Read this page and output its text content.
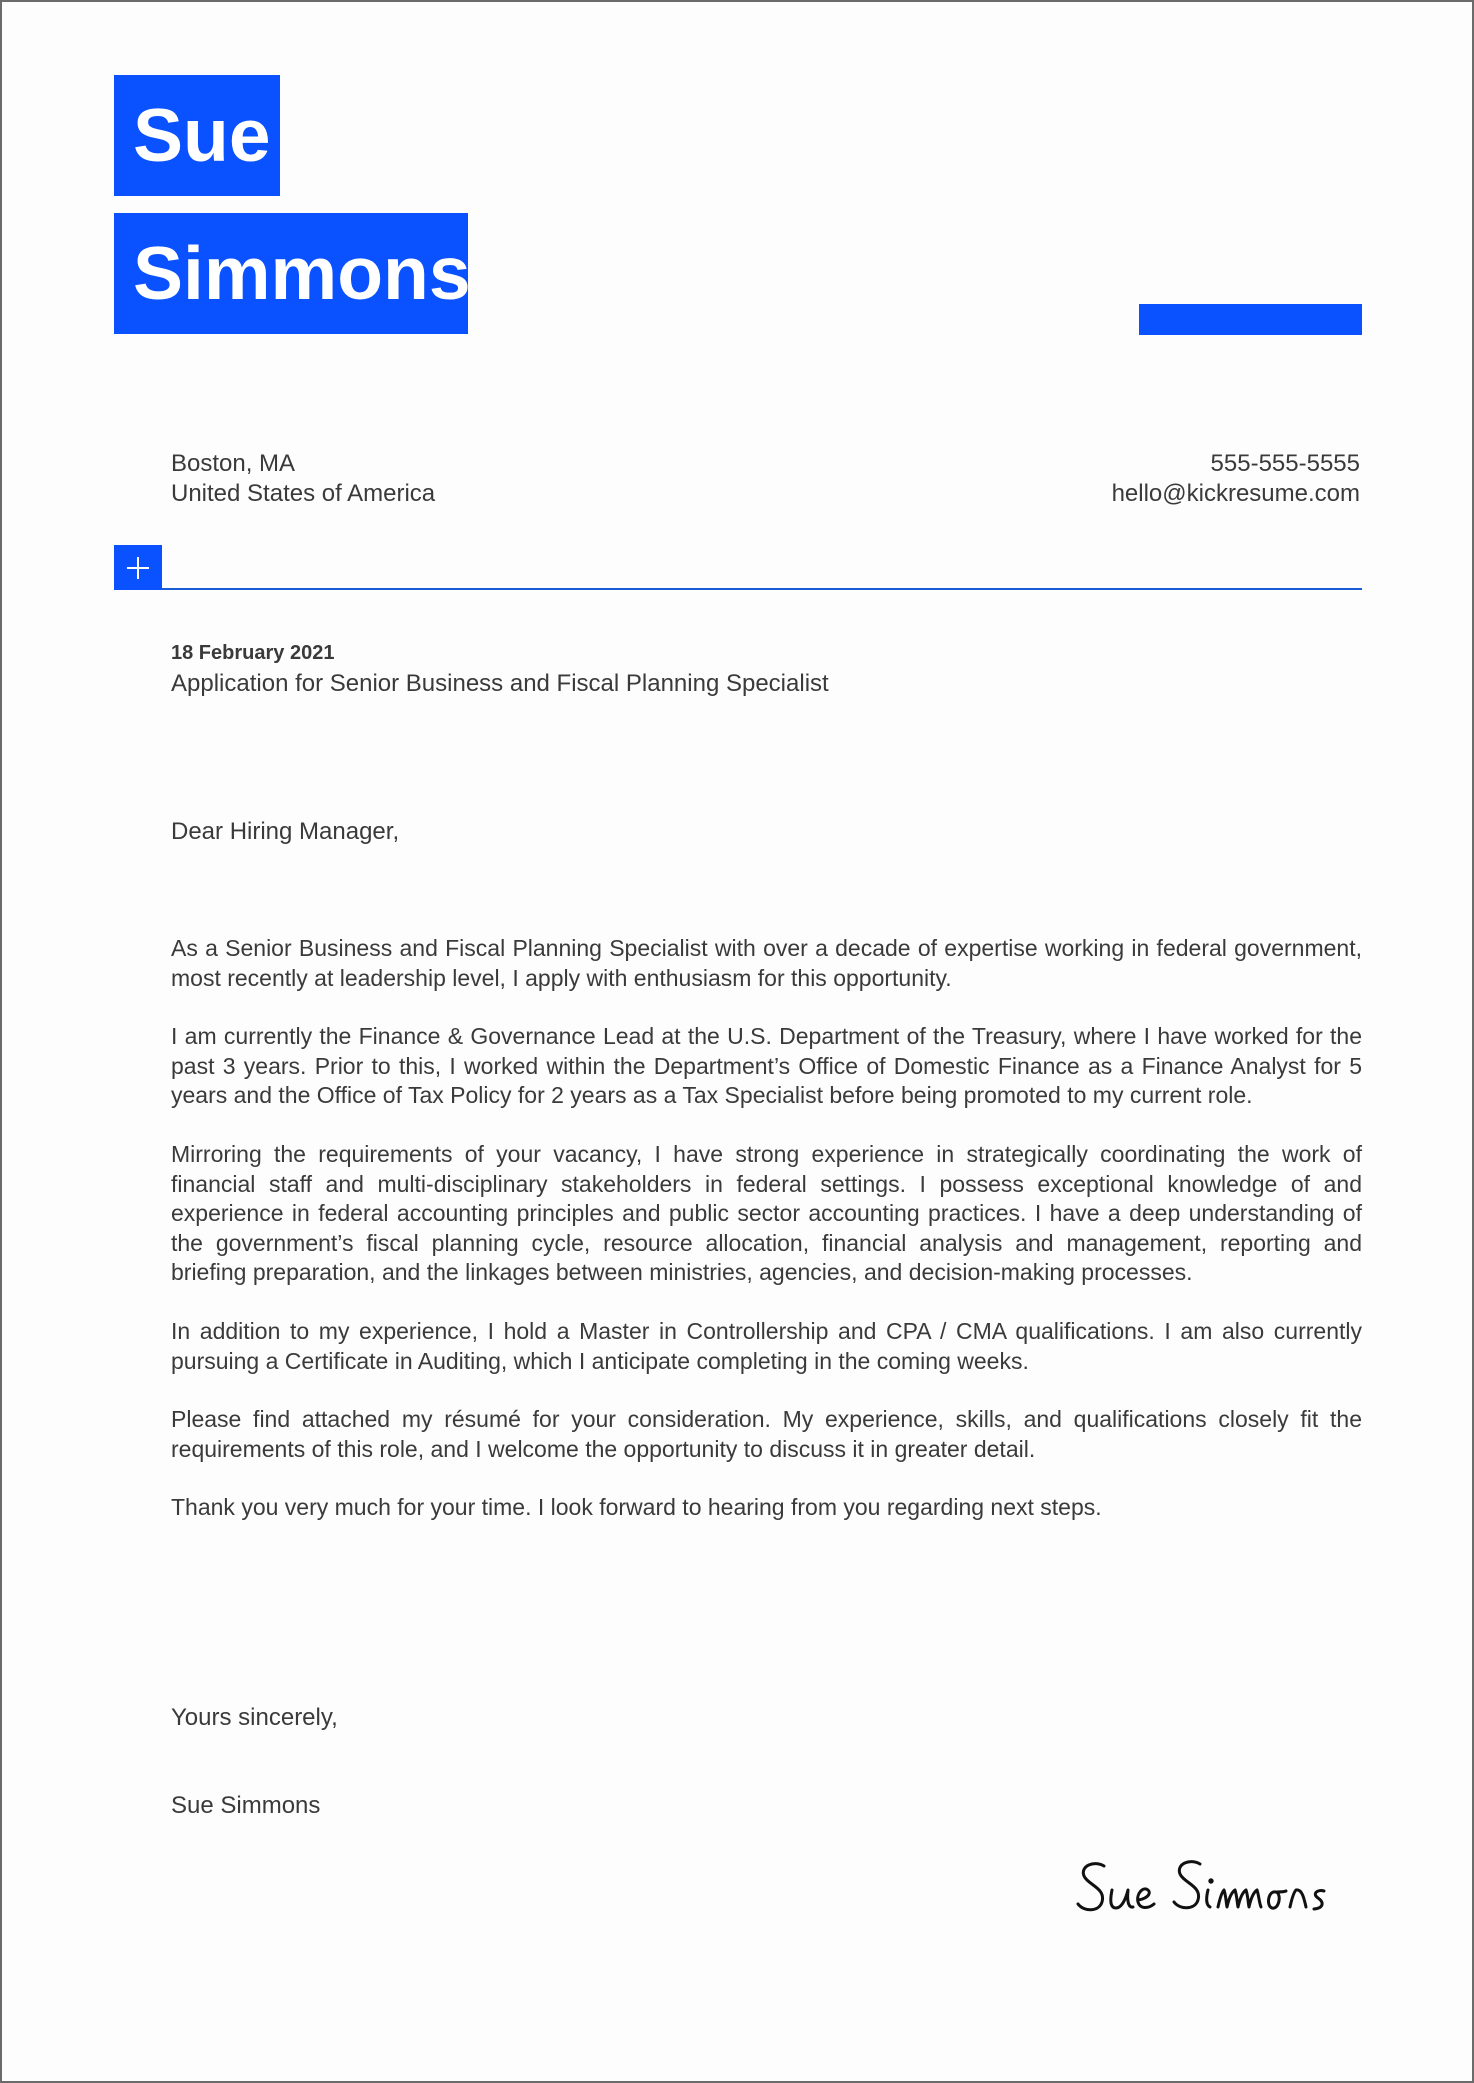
Sue
Simmons
Boston, MA
United States of America
555-555-5555
hello@kickresume.com
18 February 2021
Application for Senior Business and Fiscal Planning Specialist
Dear Hiring Manager,

As a Senior Business and Fiscal Planning Specialist with over a decade of expertise working in federal government, most recently at leadership level, I apply with enthusiasm for this opportunity.

I am currently the Finance & Governance Lead at the U.S. Department of the Treasury, where I have worked for the past 3 years. Prior to this, I worked within the Department’s Office of Domestic Finance as a Finance Analyst for 5 years and the Office of Tax Policy for 2 years as a Tax Specialist before being promoted to my current role.

Mirroring the requirements of your vacancy, I have strong experience in strategically coordinating the work of financial staff and multi-disciplinary stakeholders in federal settings. I possess exceptional knowledge of and experience in federal accounting principles and public sector accounting practices. I have a deep understanding of the government’s fiscal planning cycle, resource allocation, financial analysis and management, reporting and briefing preparation, and the linkages between ministries, agencies, and decision-making processes.

In addition to my experience, I hold a Master in Controllership and CPA / CMA qualifications. I am also currently pursuing a Certificate in Auditing, which I anticipate completing in the coming weeks.

Please find attached my résumé for your consideration. My experience, skills, and qualifications closely fit the requirements of this role, and I welcome the opportunity to discuss it in greater detail.

Thank you very much for your time. I look forward to hearing from you regarding next steps.

Yours sincerely,
Sue Simmons
